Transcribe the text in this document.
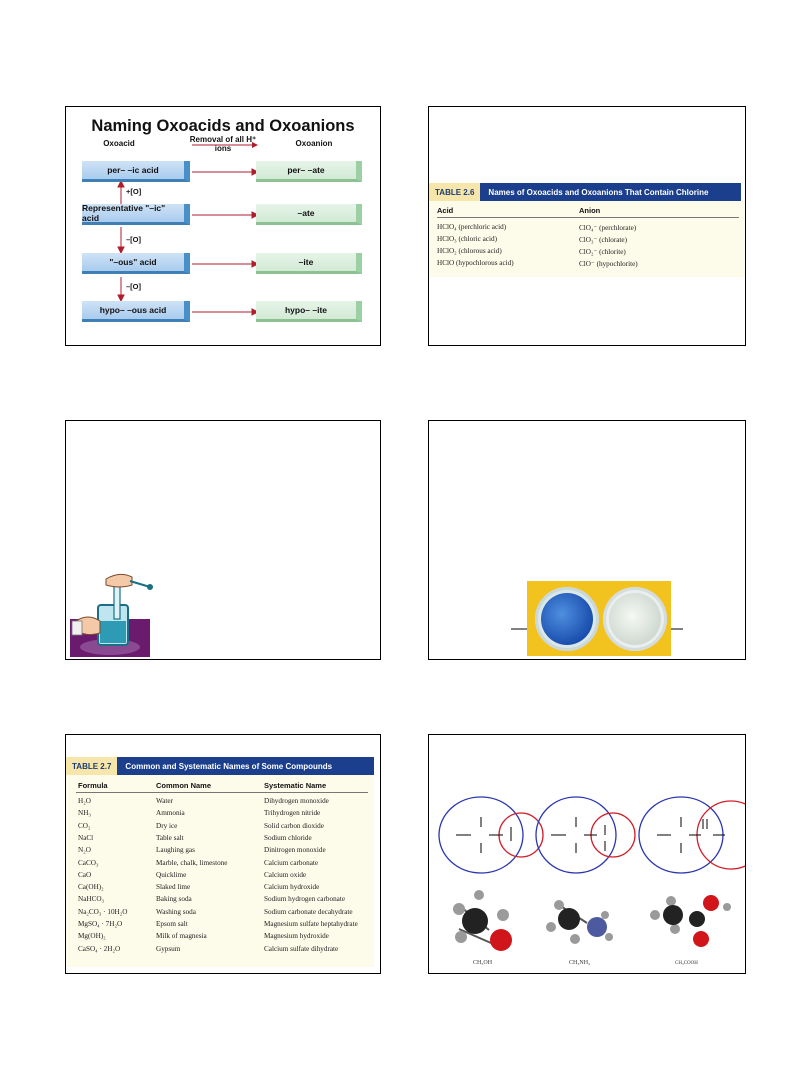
Naming Oxoacids and Oxoanions
Oxoacid	Removal of all H⁺ ions
Oxoanion
per– –ic acid
Representative "–ic" acid
"–ous" acid
hypo– –ous acid
per– –ate
–ate
–ite
hypo– –ite
+[O]
–[O]
–[O]
TABLE 2.6	Names of Oxoacids and Oxoanions That Contain Chlorine
Acid	Anion
HClO₄ (perchloric acid)	ClO₄⁻ (perchlorate)
HClO₃ (chloric acid)	ClO₃⁻ (chlorate)
HClO₂ (chlorous acid)	ClO₂⁻ (chlorite)
HClO (hypochlorous acid)	ClO⁻ (hypochlorite)
TABLE 2.7	Common and Systematic Names of Some Compounds
Formula	Common Name	Systematic Name
H₂O	Water	Dihydrogen monoxide
NH₃	Ammonia	Trihydrogen nitride
CO₂	Dry ice	Solid carbon dioxide
NaCl	Table salt	Sodium chloride
N₂O	Laughing gas	Dinitrogen monoxide
CaCO₃	Marble, chalk, limestone	Calcium carbonate
CaO	Quicklime	Calcium oxide
Ca(OH)₂	Slaked lime	Calcium hydroxide
NaHCO₃	Baking soda	Sodium hydrogen carbonate
Na₂CO₃ · 10H₂O	Washing soda	Sodium carbonate decahydrate
MgSO₄ · 7H₂O	Epsom salt	Magnesium sulfate heptahydrate
Mg(OH)₂	Milk of magnesia	Magnesium hydroxide
CaSO₄ · 2H₂O	Gypsum	Calcium sulfate dihydrate
CH₃OH	CH₃NH₂	CH₃COOH
